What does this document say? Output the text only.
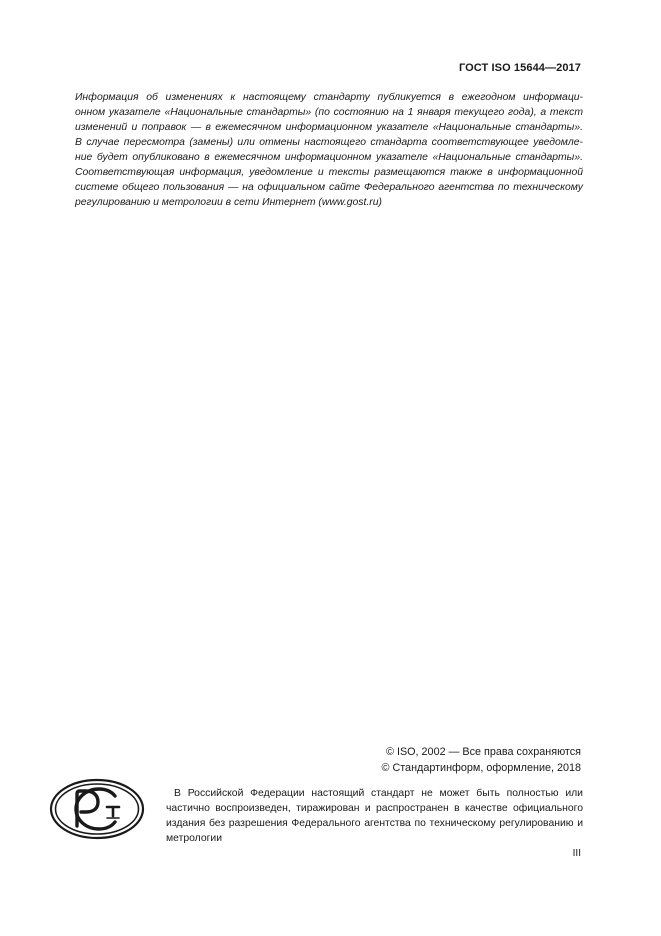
ГОСТ ISO 15644—2017

Информация об изменениях к настоящему стандарту публикуется в ежегодном информаци-
онном указателе «Национальные стандарты» (по состоянию на 1 января текущего года), а текст
изменений и поправок — в ежемесячном информационном указателе «Национальные стандарты».
В случае пересмотра (замены) или отмены настоящего стандарта соответствующее уведомле-
ние будет опубликовано в ежемесячном информационном указателе «Национальные стандарты».
Соответствующая информация, уведомление и тексты размещаются также в информационной
системе общего пользования — на официальном сайте Федерального агентства по техническому
регулированию и метрологии в сети Интернет (www.gost.ru)

© ISO, 2002 — Все права сохраняются
© Стандартинформ, оформление, 2018

В Российской Федерации настоящий стандарт не может быть полностью или
частично воспроизведен, тиражирован и распространен в качестве официального
издания без разрешения Федерального агентства по техническому регулированию и
метрологии

III
